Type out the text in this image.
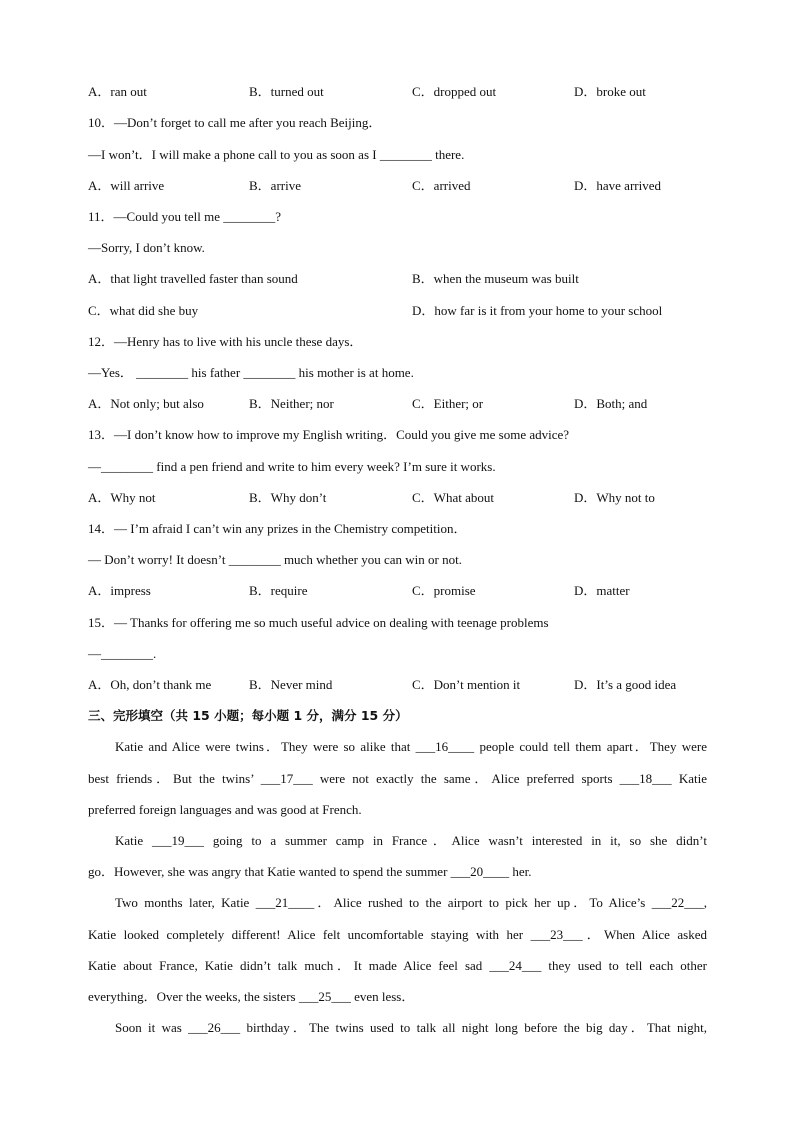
A．ran out	B．turned out	C．dropped out	D．broke out
10．—Don’t forget to call me after you reach Beijing．
—I won’t．I will make a phone call to you as soon as I ________ there.
A．will arrive	B．arrive	C．arrived	D．have arrived
11．—Could you tell me ________?
—Sorry, I don’t know.
A．that light travelled faster than sound	B．when the museum was built
C．what did she buy	D．how far is it from your home to your school
12．—Henry has to live with his uncle these days．
—Yes． ________ his father ________ his mother is at home.
A．Not only; but also	B．Neither; nor	C．Either; or	D．Both; and
13．—I don’t know how to improve my English writing．Could you give me some advice?
—________ find a pen friend and write to him every week? I’m sure it works.
A．Why not	B．Why don’t	C．What about	D．Why not to
14．— I’m afraid I can’t win any prizes in the Chemistry competition．
— Don’t worry! It doesn’t ________ much whether you can win or not.
A．impress	B．require	C．promise	D．matter
15．— Thanks for offering me so much useful advice on dealing with teenage problems
—________.
A．Oh, don’t thank me	B．Never mind	C．Don’t mention it	D．It’s a good idea
三、完形填空（共 15 小题；每小题 1 分，满分 15 分）
Katie and Alice were twins．They were so alike that ___16____ people could tell them apart．They were
best friends．But the twins’ ___17___ were not exactly the same．Alice preferred sports ___18___ Katie
preferred foreign languages and was good at French.
Katie ___19___ going to a summer camp in France．Alice wasn’t interested in it, so she didn’t
go．However, she was angry that Katie wanted to spend the summer ___20____ her.
Two months later, Katie ___21____．Alice rushed to the airport to pick her up．To Alice’s ___22___,
Katie looked completely different! Alice felt uncomfortable staying with her ___23___．When Alice asked
Katie about France, Katie didn’t talk much．It made Alice feel sad ___24___ they used to tell each other
everything．Over the weeks, the sisters ___25___ even less．
Soon it was ___26___ birthday．The twins used to talk all night long before the big day．That night,
